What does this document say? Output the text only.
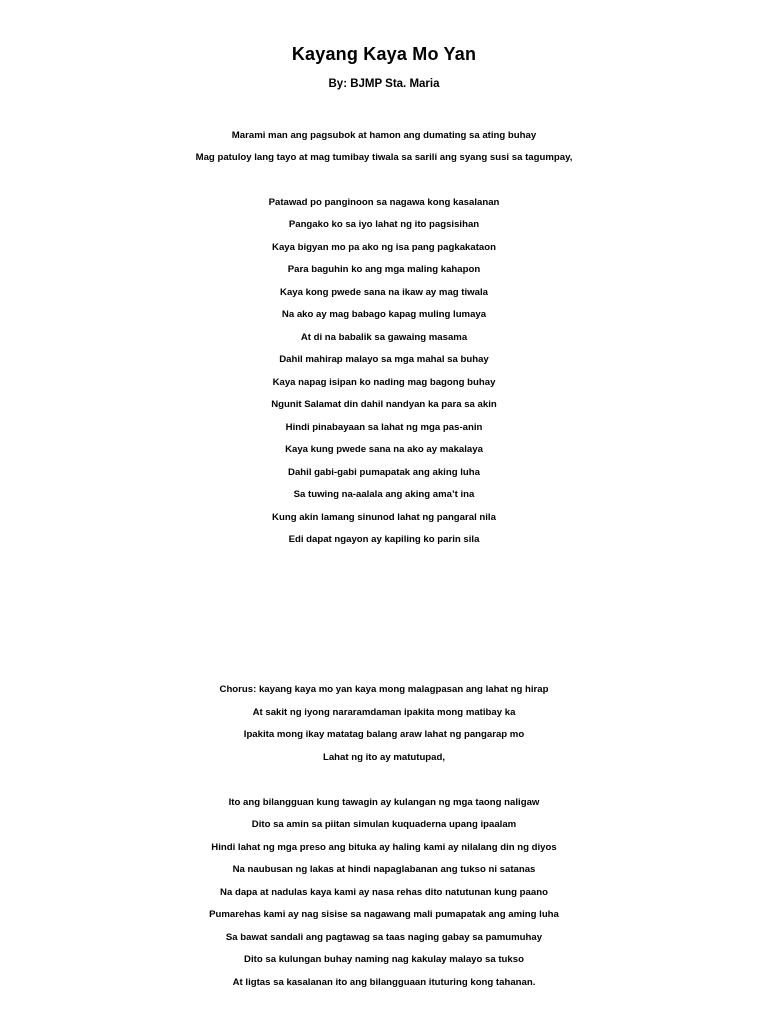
Kayang Kaya Mo Yan
By: BJMP Sta. Maria
Marami man ang pagsubok at hamon ang dumating sa ating buhay
Mag patuloy lang tayo at mag tumibay tiwala sa sarili ang syang susi sa tagumpay,
Patawad po panginoon sa nagawa kong kasalanan
Pangako ko sa iyo lahat ng ito pagsisihan
Kaya bigyan mo pa ako ng isa pang pagkakataon
Para baguhin ko ang mga maling kahapon
Kaya kong pwede sana na ikaw ay mag tiwala
Na ako ay mag babago kapag muling lumaya
At di na babalik sa gawaing masama
Dahil mahirap malayo sa mga mahal sa buhay
Kaya napag isipan ko nading mag bagong buhay
Ngunit Salamat din dahil nandyan ka para sa akin
Hindi pinabayaan sa lahat ng mga pas-anin
Kaya kung pwede sana na ako ay makalaya
Dahil gabi-gabi pumapatak ang aking luha
Sa tuwing na-aalala ang aking ama’t ina
Kung akin lamang sinunod lahat ng pangaral nila
Edi dapat ngayon ay kapiling ko parin sila
Chorus: kayang kaya mo yan kaya mong malagpasan ang lahat ng hirap
At sakit ng iyong nararamdaman ipakita mong matibay ka
Ipakita mong ikay matatag balang araw lahat ng pangarap mo
Lahat ng ito ay matutupad,
Ito ang bilangguan kung tawagin ay kulangan ng mga taong naligaw
Dito sa amin sa piitan simulan kuquaderna upang ipaalam
Hindi lahat ng mga preso ang bituka ay haling kami ay nilalang din ng diyos
Na naubusan ng lakas at hindi napaglabanan ang tukso ni satanas
Na dapa at nadulas kaya kami ay nasa rehas dito natutunan kung paano
Pumarehas kami ay nag sisise sa nagawang mali pumapatak ang aming luha
Sa bawat sandali ang pagtawag sa taas naging gabay sa pamumuhay
Dito sa kulungan buhay naming nag kakulay malayo sa tukso
At ligtas sa kasalanan ito ang bilangguaan ituturing kong tahanan.
